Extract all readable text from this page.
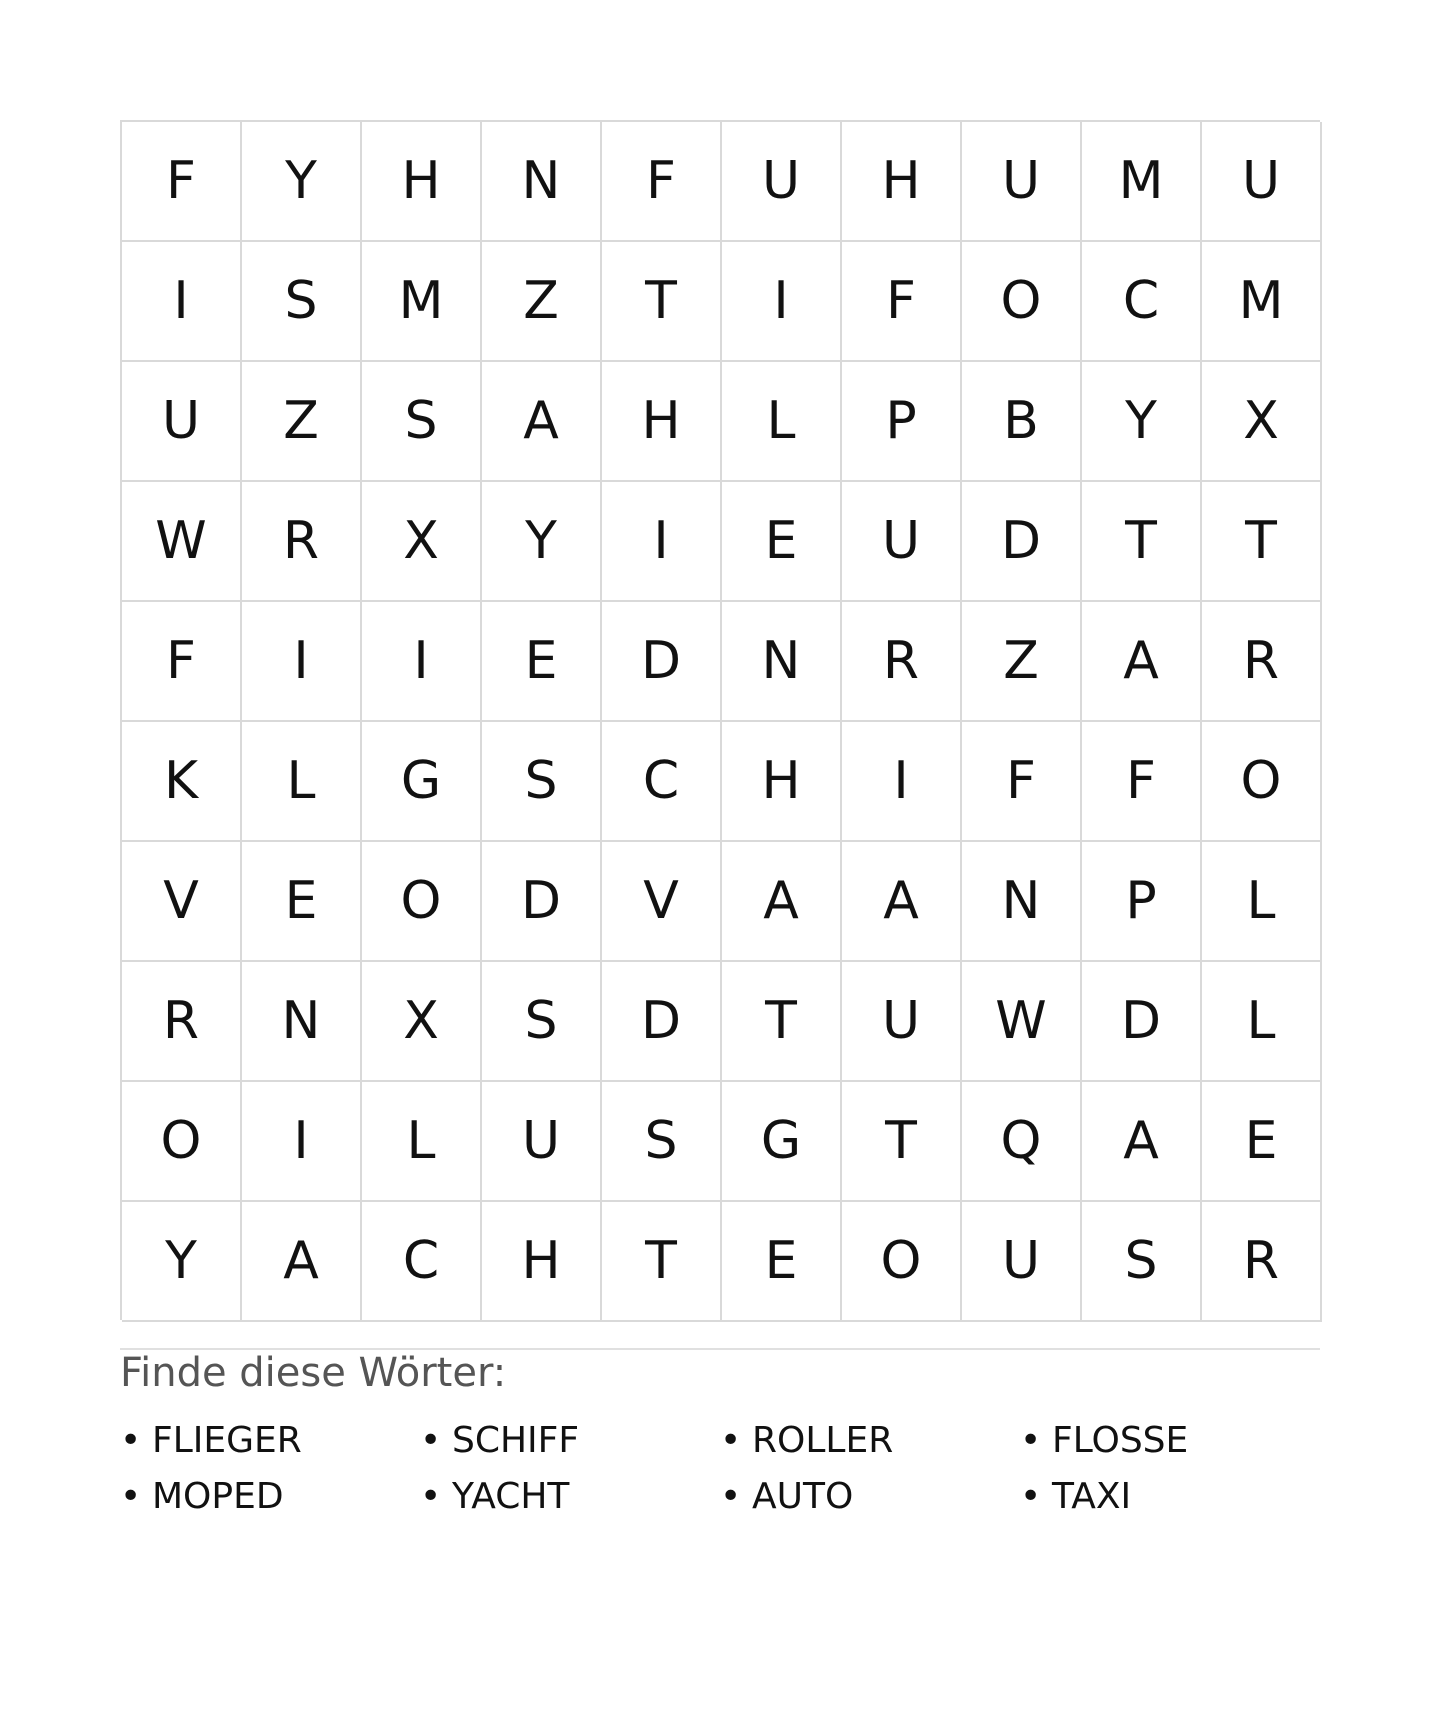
F	Y	H	N	F	U	H	U	M	U
I	S	M	Z	T	I	F	O	C	M
U	Z	S	A	H	L	P	B	Y	X
W	R	X	Y	I	E	U	D	T	T
F	I	I	E	D	N	R	Z	A	R
K	L	G	S	C	H	I	F	F	O
V	E	O	D	V	A	A	N	P	L
R	N	X	S	D	T	U	W	D	L
O	I	L	U	S	G	T	Q	A	E
Y	A	C	H	T	E	O	U	S	R
Finde diese Wörter:
• FLIEGER	• SCHIFF	• ROLLER	• FLOSSE
• MOPED	• YACHT	• AUTO	• TAXI
